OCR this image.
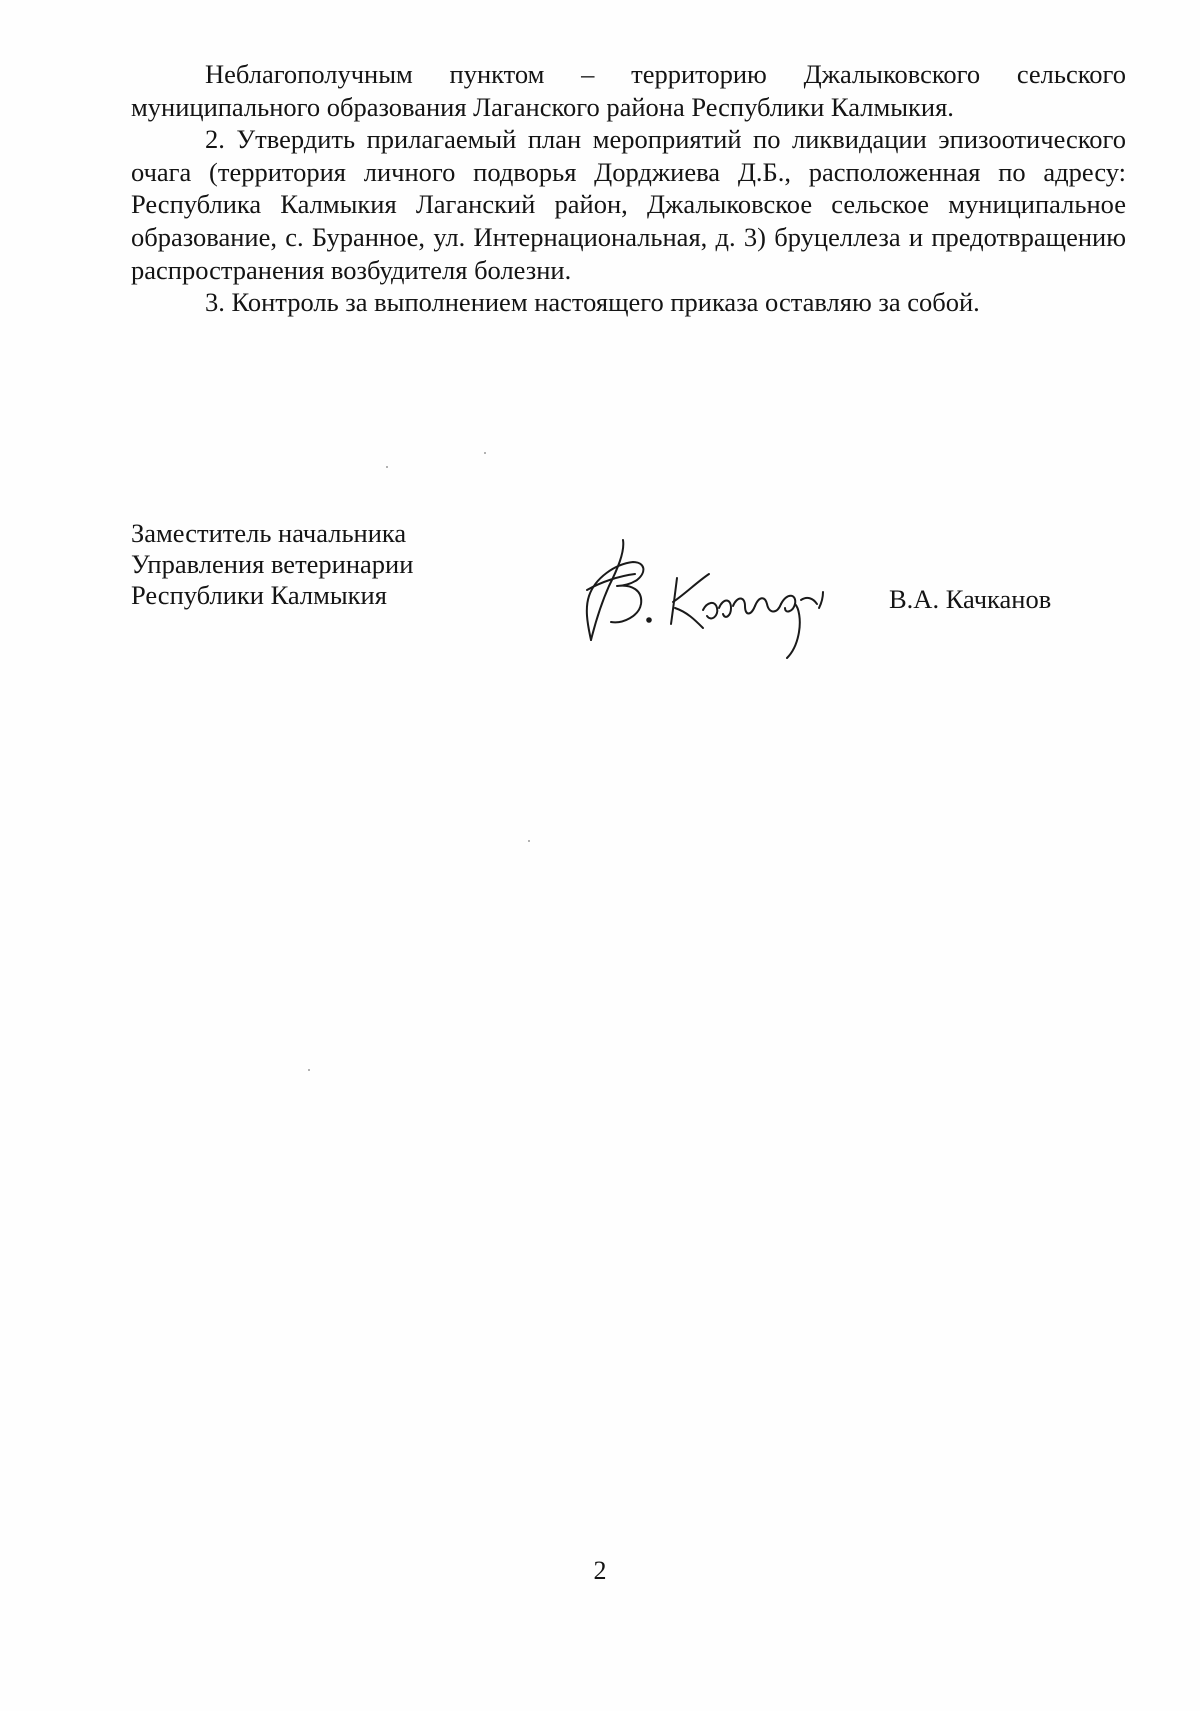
Неблагополучным пунктом – территорию Джалыковского сельского муниципального образования Лаганского района Республики Калмыкия.

2. Утвердить прилагаемый план мероприятий по ликвидации эпизоотического очага (территория личного подворья Дорджиева Д.Б., расположенная по адресу: Республика Калмыкия Лаганский район, Джалыковское сельское муниципальное образование, с. Буранное, ул. Интернациональная, д. 3) бруцеллеза и предотвращению распространения возбудителя болезни.

3. Контроль за выполнением настоящего приказа оставляю за собой.

Заместитель начальника
Управления ветеринарии
Республики Калмыкия	В.А. Качканов
2
